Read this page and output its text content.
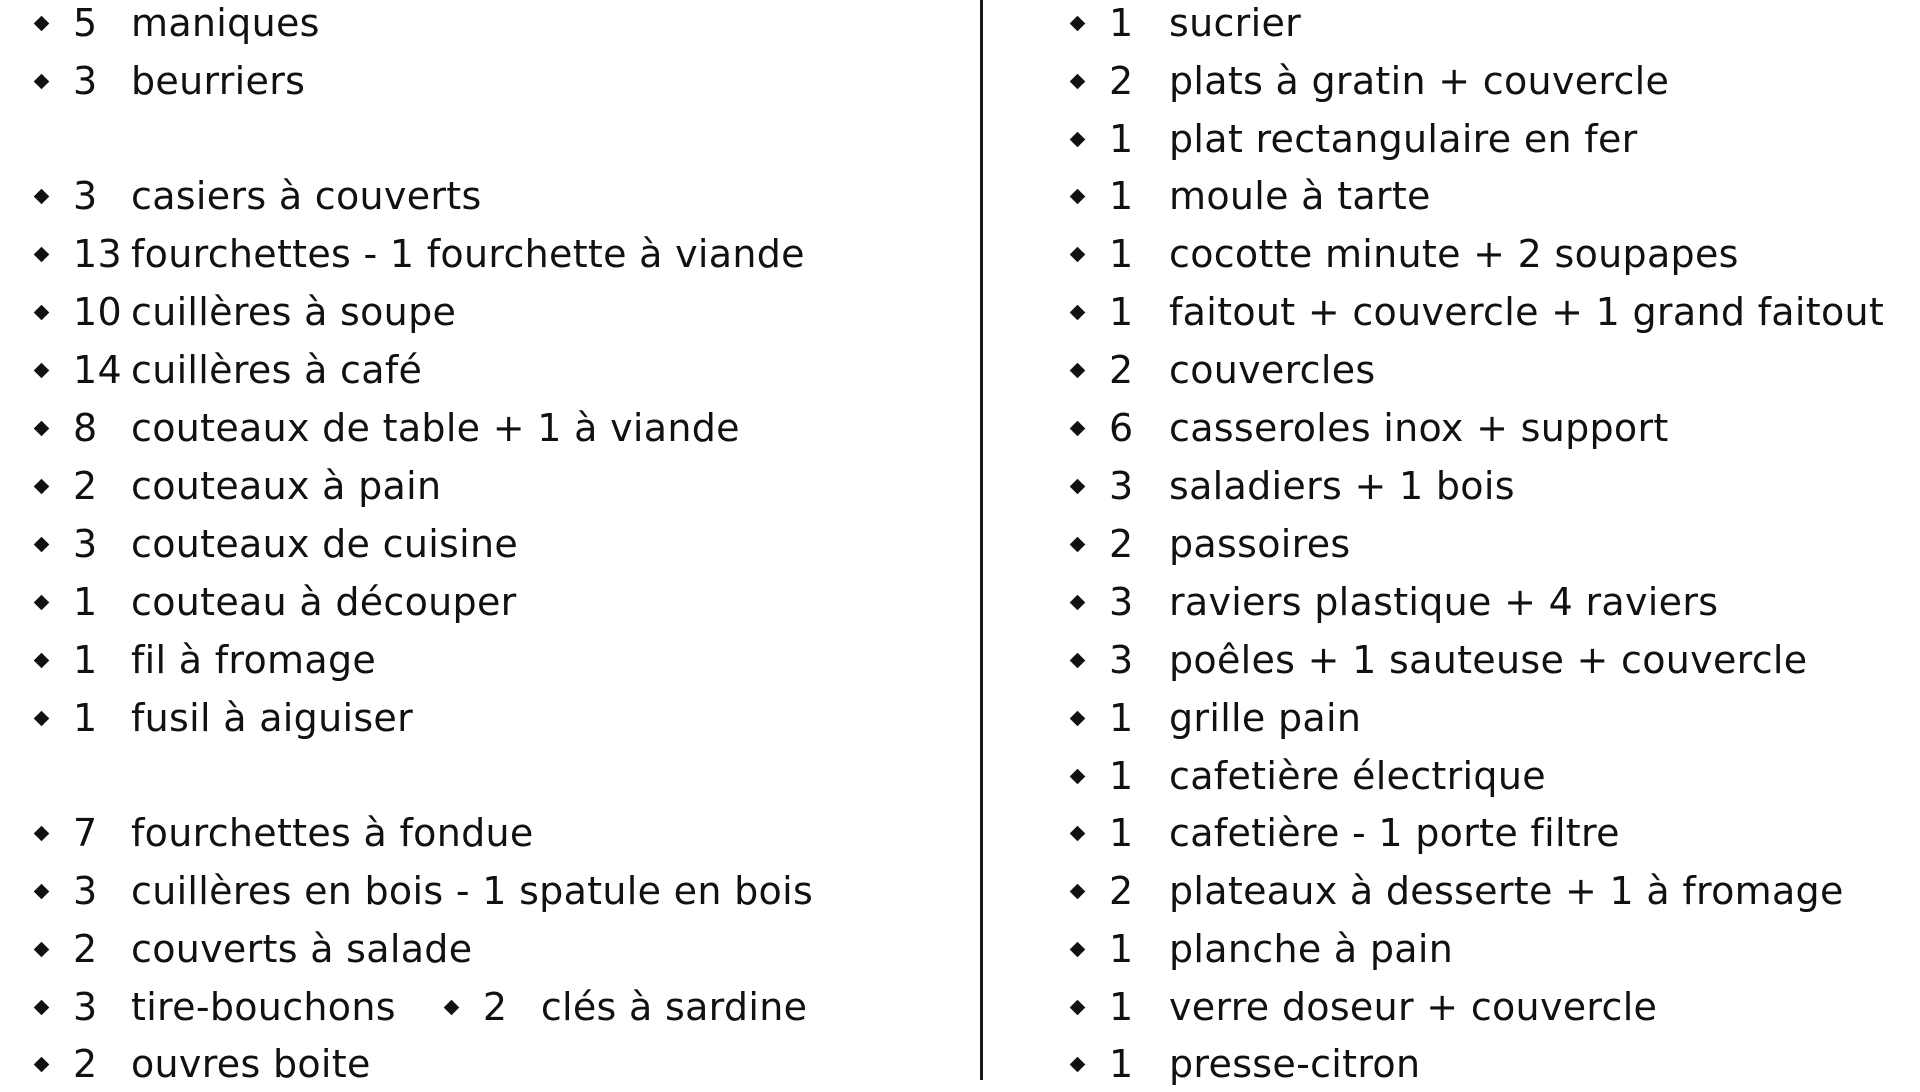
5 maniques
3 beurriers
3 casiers à couverts
13 fourchettes - 1 fourchette à viande
10 cuillères à soupe
14 cuillères à café
8 couteaux de table + 1 à viande
2 couteaux à pain
3 couteaux de cuisine
1 couteau à découper
1 fil à fromage
1 fusil à aiguiser
7 fourchettes à fondue
3 cuillères en bois - 1 spatule en bois
2 couverts à salade
3 tire-bouchons 2 clés à sardine
2 ouvres boite
1 sucrier
2 plats à gratin + couvercle
1 plat rectangulaire en fer
1 moule à tarte
1 cocotte minute + 2 soupapes
1 faitout + couvercle + 1 grand faitout
2 couvercles
6 casseroles inox + support
3 saladiers + 1 bois
2 passoires
3 raviers plastique + 4 raviers
3 poêles + 1 sauteuse + couvercle
1 grille pain
1 cafetière électrique
1 cafetière - 1 porte filtre
2 plateaux à desserte + 1 à fromage
1 planche à pain
1 verre doseur + couvercle
1 presse-citron
